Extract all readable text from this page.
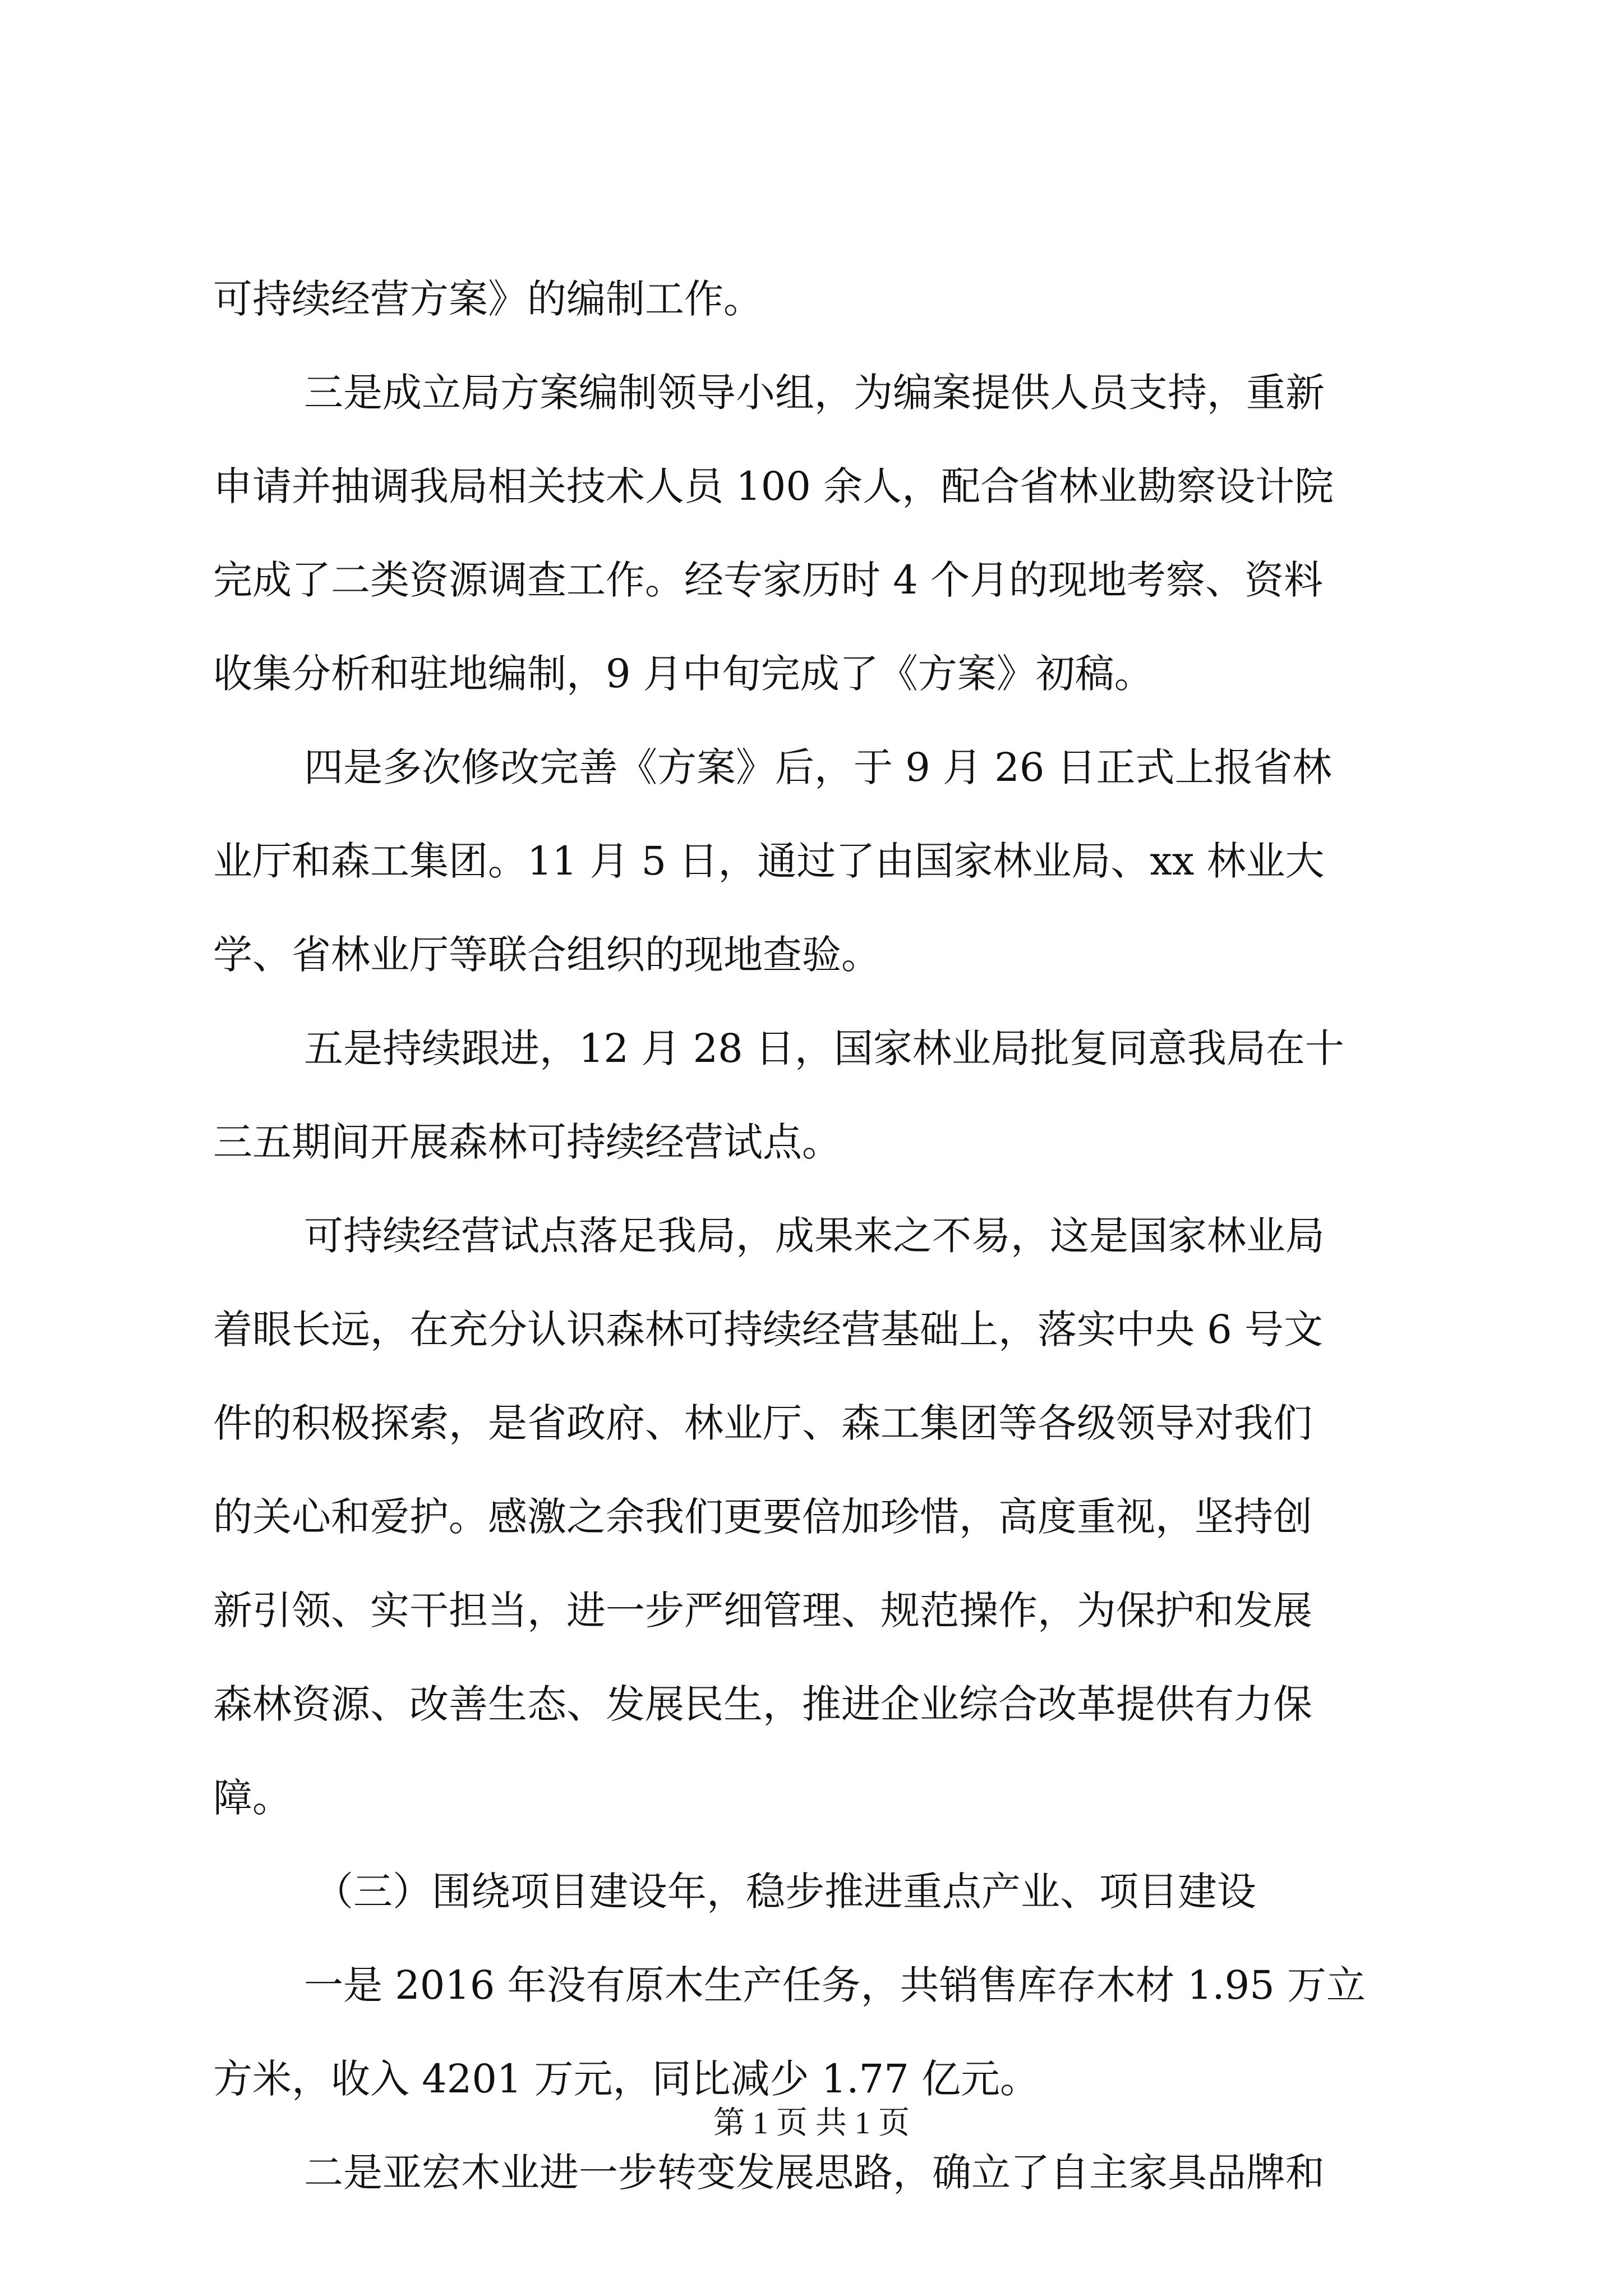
可持续经营方案》的编制工作。
三是成立局方案编制领导小组，为编案提供人员支持，重新
申请并抽调我局相关技术人员 100 余人，配合省林业勘察设计院
完成了二类资源调查工作。经专家历时 4 个月的现地考察、资料
收集分析和驻地编制，9 月中旬完成了《方案》初稿。
四是多次修改完善《方案》后，于 9 月 26 日正式上报省林
业厅和森工集团。11 月 5 日，通过了由国家林业局、xx 林业大
学、省林业厅等联合组织的现地查验。
五是持续跟进，12 月 28 日，国家林业局批复同意我局在十
三五期间开展森林可持续经营试点。
可持续经营试点落足我局，成果来之不易，这是国家林业局
着眼长远，在充分认识森林可持续经营基础上，落实中央 6 号文
件的积极探索，是省政府、林业厅、森工集团等各级领导对我们
的关心和爱护。感激之余我们更要倍加珍惜，高度重视，坚持创
新引领、实干担当，进一步严细管理、规范操作，为保护和发展
森林资源、改善生态、发展民生，推进企业综合改革提供有力保
障。
（三）围绕项目建设年，稳步推进重点产业、项目建设
一是 2016 年没有原木生产任务，共销售库存木材 1.95 万立
方米，收入 4201 万元，同比减少 1.77 亿元。
二是亚宏木业进一步转变发展思路，确立了自主家具品牌和
第 1 页 共 1 页
